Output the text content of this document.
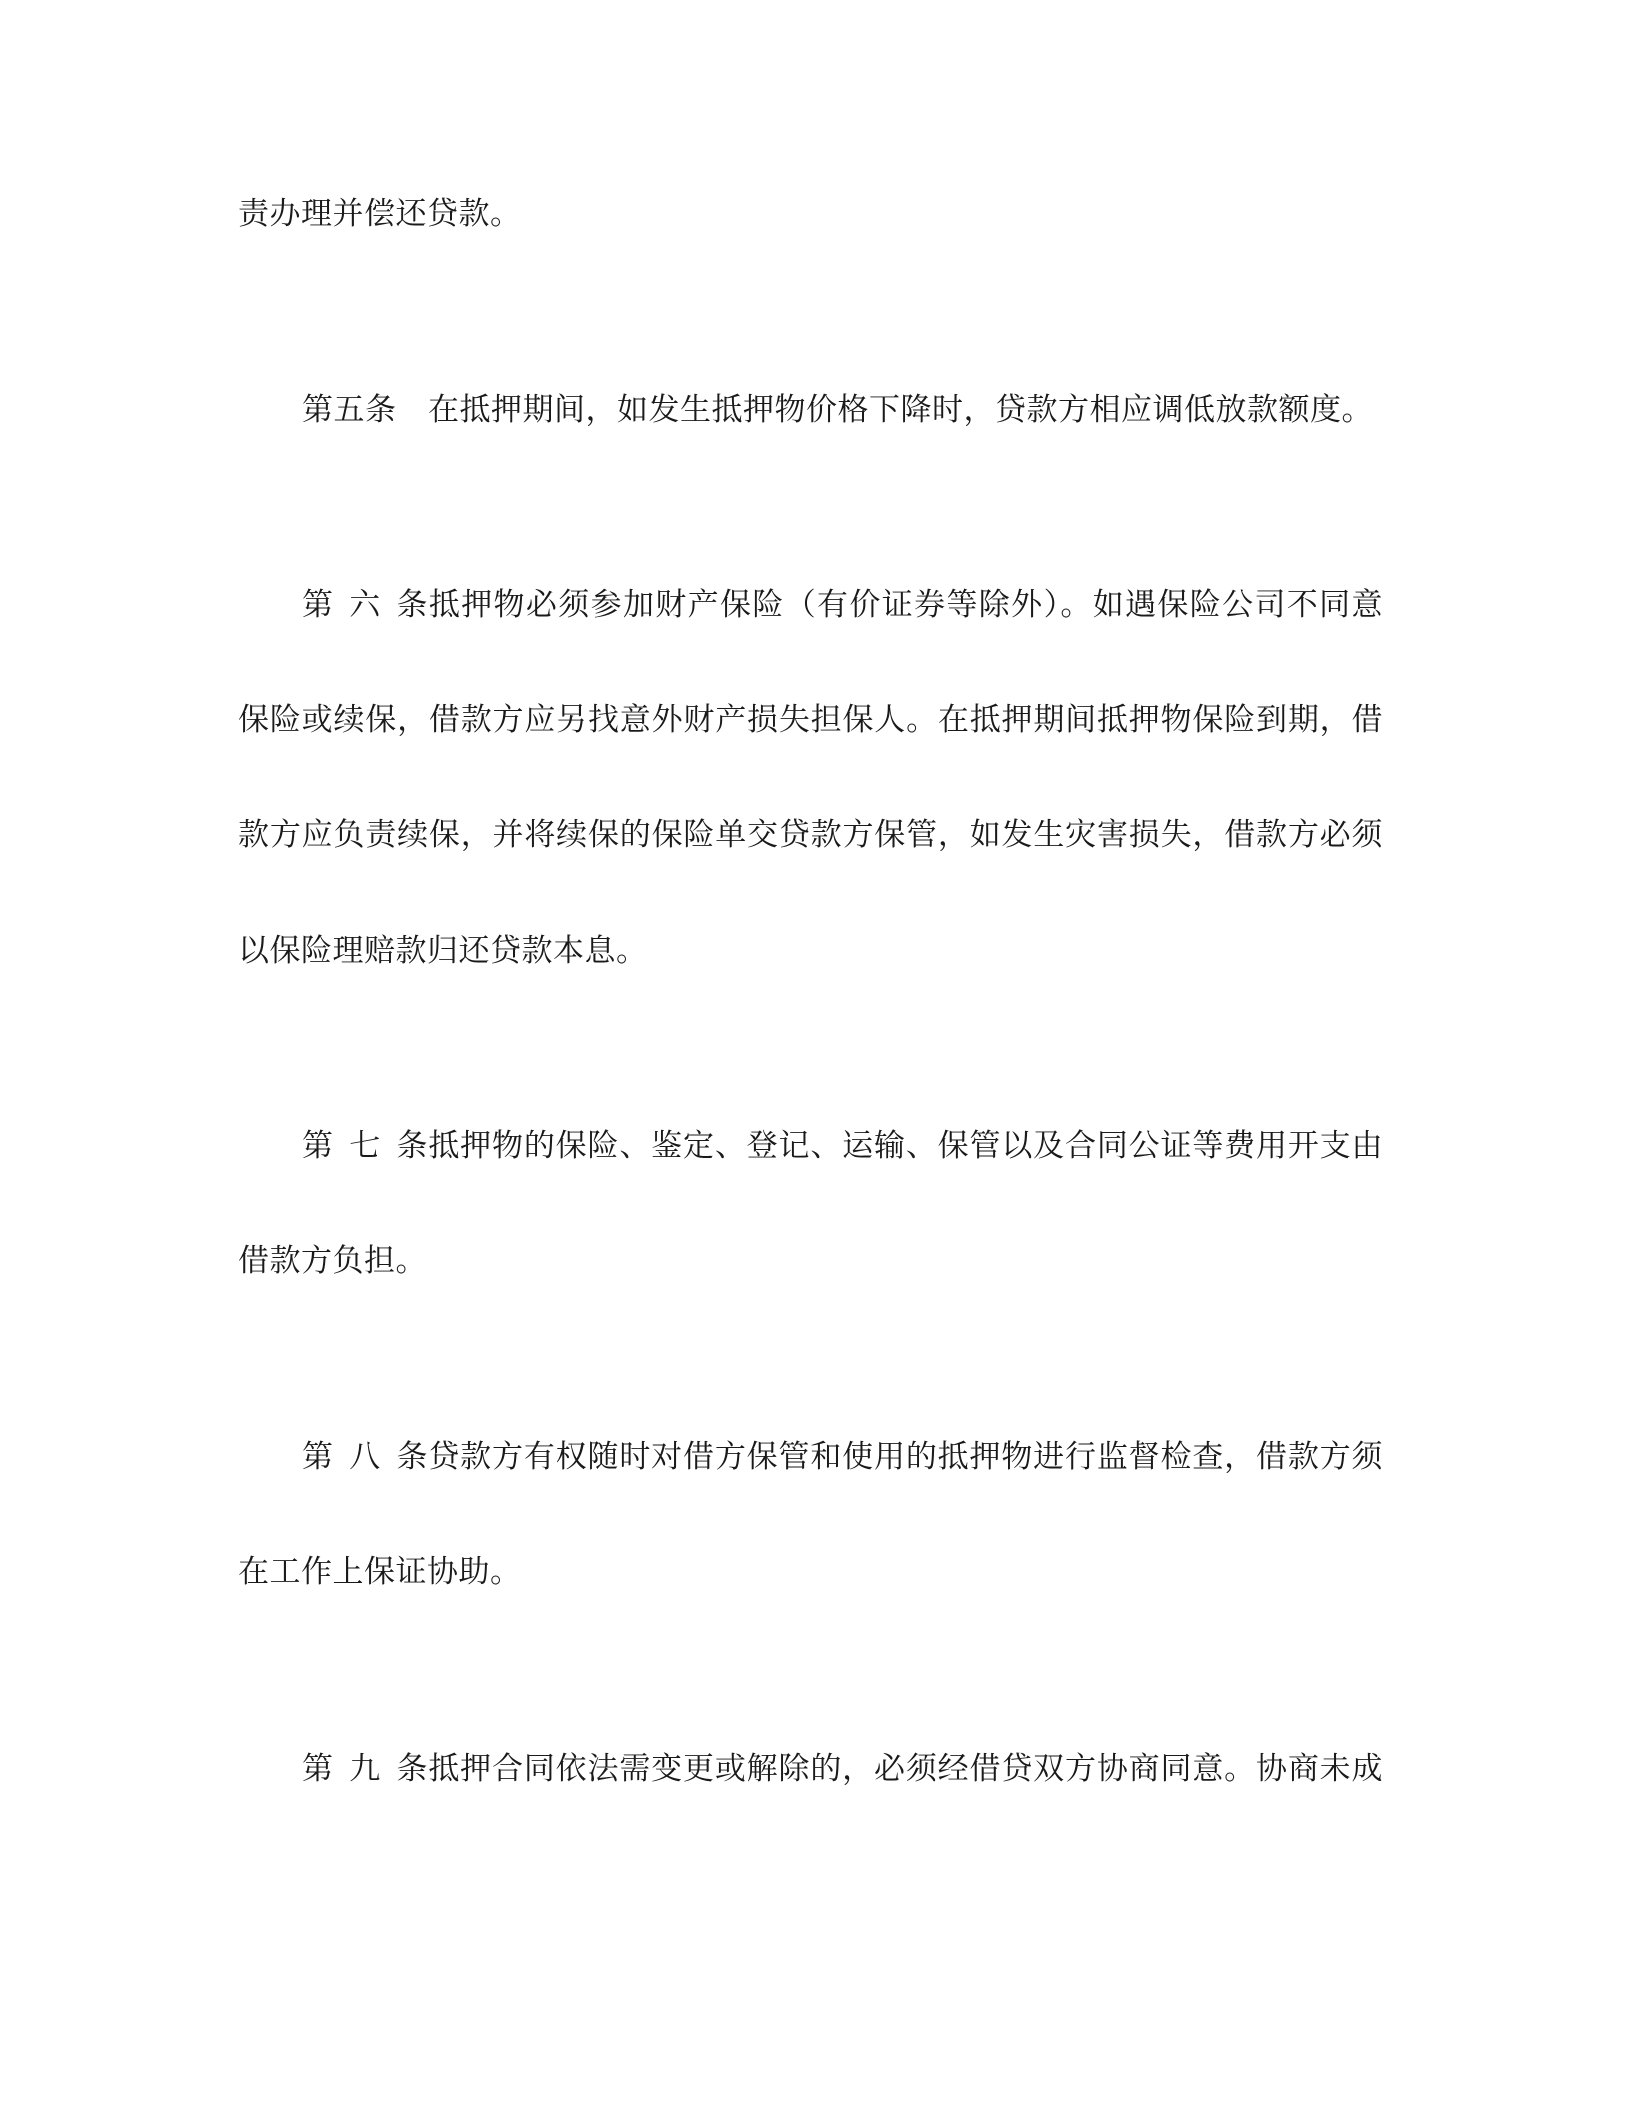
责办理并偿还贷款。

第五条 在抵押期间，如发生抵押物价格下降时，贷款方相应调低放款额度。

第六条抵押物必须参加财产保险（有价证券等除外）。如遇保险公司不同意

保险或续保，借款方应另找意外财产损失担保人。在抵押期间抵押物保险到期，借

款方应负责续保，并将续保的保险单交贷款方保管，如发生灾害损失，借款方必须

以保险理赔款归还贷款本息。

第七条抵押物的保险、鉴定、登记、运输、保管以及合同公证等费用开支由

借款方负担。

第八条贷款方有权随时对借方保管和使用的抵押物进行监督检查，借款方须

在工作上保证协助。

第九条抵押合同依法需变更或解除的，必须经借贷双方协商同意。协商未成
